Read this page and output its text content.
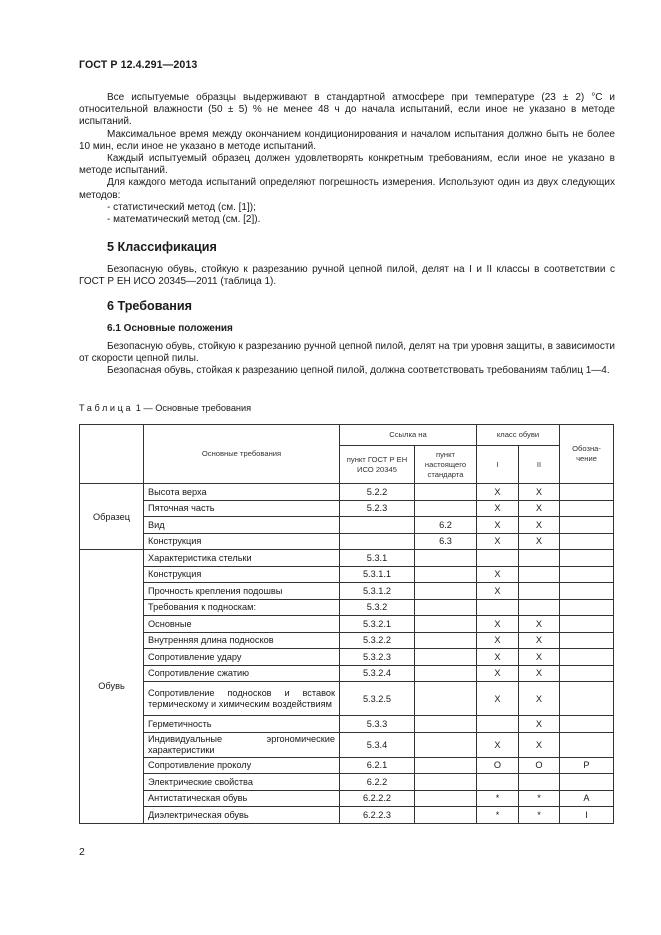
ГОСТ Р 12.4.291—2013

Все испытуемые образцы выдерживают в стандартной атмосфере при температуре (23 ± 2) °С и относительной влажности (50 ± 5) % не менее 48 ч до начала испытаний, если иное не указано в методе испытаний.

Максимальное время между окончанием кондиционирования и началом испытания должно быть не более 10 мин, если иное не указано в методе испытаний.

Каждый испытуемый образец должен удовлетворять конкретным требованиям, если иное не указано в методе испытаний.

Для каждого метода испытаний определяют погрешность измерения. Используют один из двух следующих методов:

- статистический метод (см. [1]);

- математический метод (см. [2]).

5 Классификация

Безопасную обувь, стойкую к разрезанию ручной цепной пилой, делят на I и II классы в соответствии с ГОСТ Р ЕН ИСО 20345—2011 (таблица 1).

6 Требования
6.1 Основные положения

Безопасную обувь, стойкую к разрезанию ручной цепной пилой, делят на три уровня защиты, в зависимости от скорости цепной пилы.

Безопасная обувь, стойкая к разрезанию цепной пилой, должна соответствовать требованиям таблиц 1—4.

Таблица 1 — Основные требования
	Основные требования	Ссылка на		класс обуви		Обозна-чение
		пункт ГОСТ Р ЕН ИСО 20345	пункт настоящего стандарта	I	II	
Образец	Высота верха	5.2.2		X	X	
	Пяточная часть	5.2.3		X	X	
	Вид		6.2	X	X	
	Конструкция		6.3	X	X	
Обувь	Характеристика стельки	5.3.1				
	Конструкция	5.3.1.1		X		
	Прочность крепления подошвы	5.3.1.2		X		
	Требования к подноскам:	5.3.2				
	Основные	5.3.2.1		X	X	
	Внутренняя длина подносков	5.3.2.2		X	X	
	Сопротивление удару	5.3.2.3		X	X	
	Сопротивление сжатию	5.3.2.4		X	X	
	Сопротивление подносков и вставок термическому и химическим воздействиям	5.3.2.5		X	X	
	Герметичность	5.3.3			X	
	Индивидуальные эргономические характеристики	5.3.4		X	X	
	Сопротивление проколу	6.2.1		O	O	P
	Электрические свойства	6.2.2				
	Антистатическая обувь	6.2.2.2		*	*	A
	Диэлектрическая обувь	6.2.2.3		*	*	I
2
